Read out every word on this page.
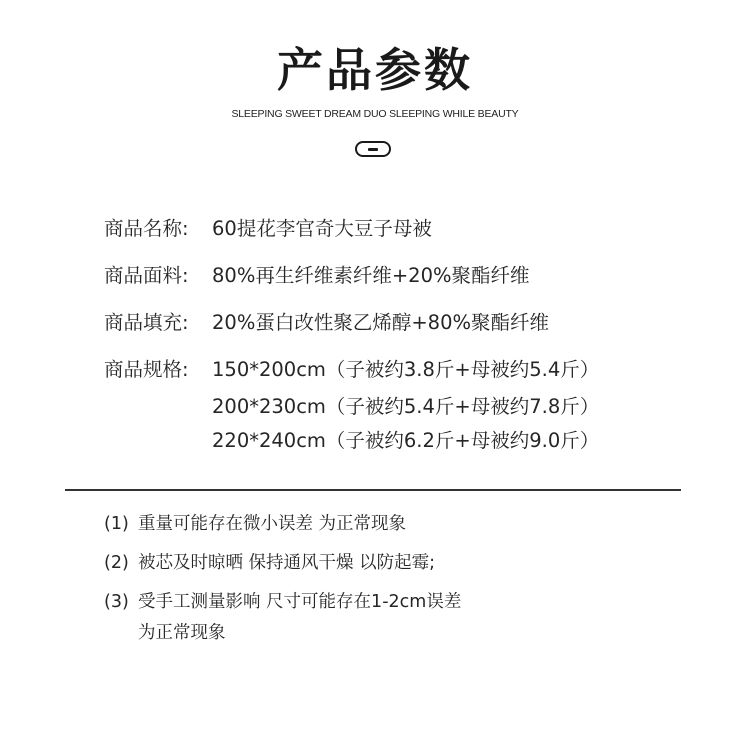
产品参数
SLEEPING SWEET DREAM DUO SLEEPING WHILE BEAUTY
商品名称: 60提花李官奇大豆子母被
商品面料: 80%再生纤维素纤维+20%聚酯纤维
商品填充: 20%蛋白改性聚乙烯醇+80%聚酯纤维
商品规格: 150*200cm（子被约3.8斤+母被约5.4斤）
200*230cm（子被约5.4斤+母被约7.8斤）
220*240cm（子被约6.2斤+母被约9.0斤）
(1) 重量可能存在微小误差 为正常现象
(2) 被芯及时晾晒 保持通风干燥 以防起霉;
(3) 受手工测量影响 尺寸可能存在1-2cm误差
为正常现象
